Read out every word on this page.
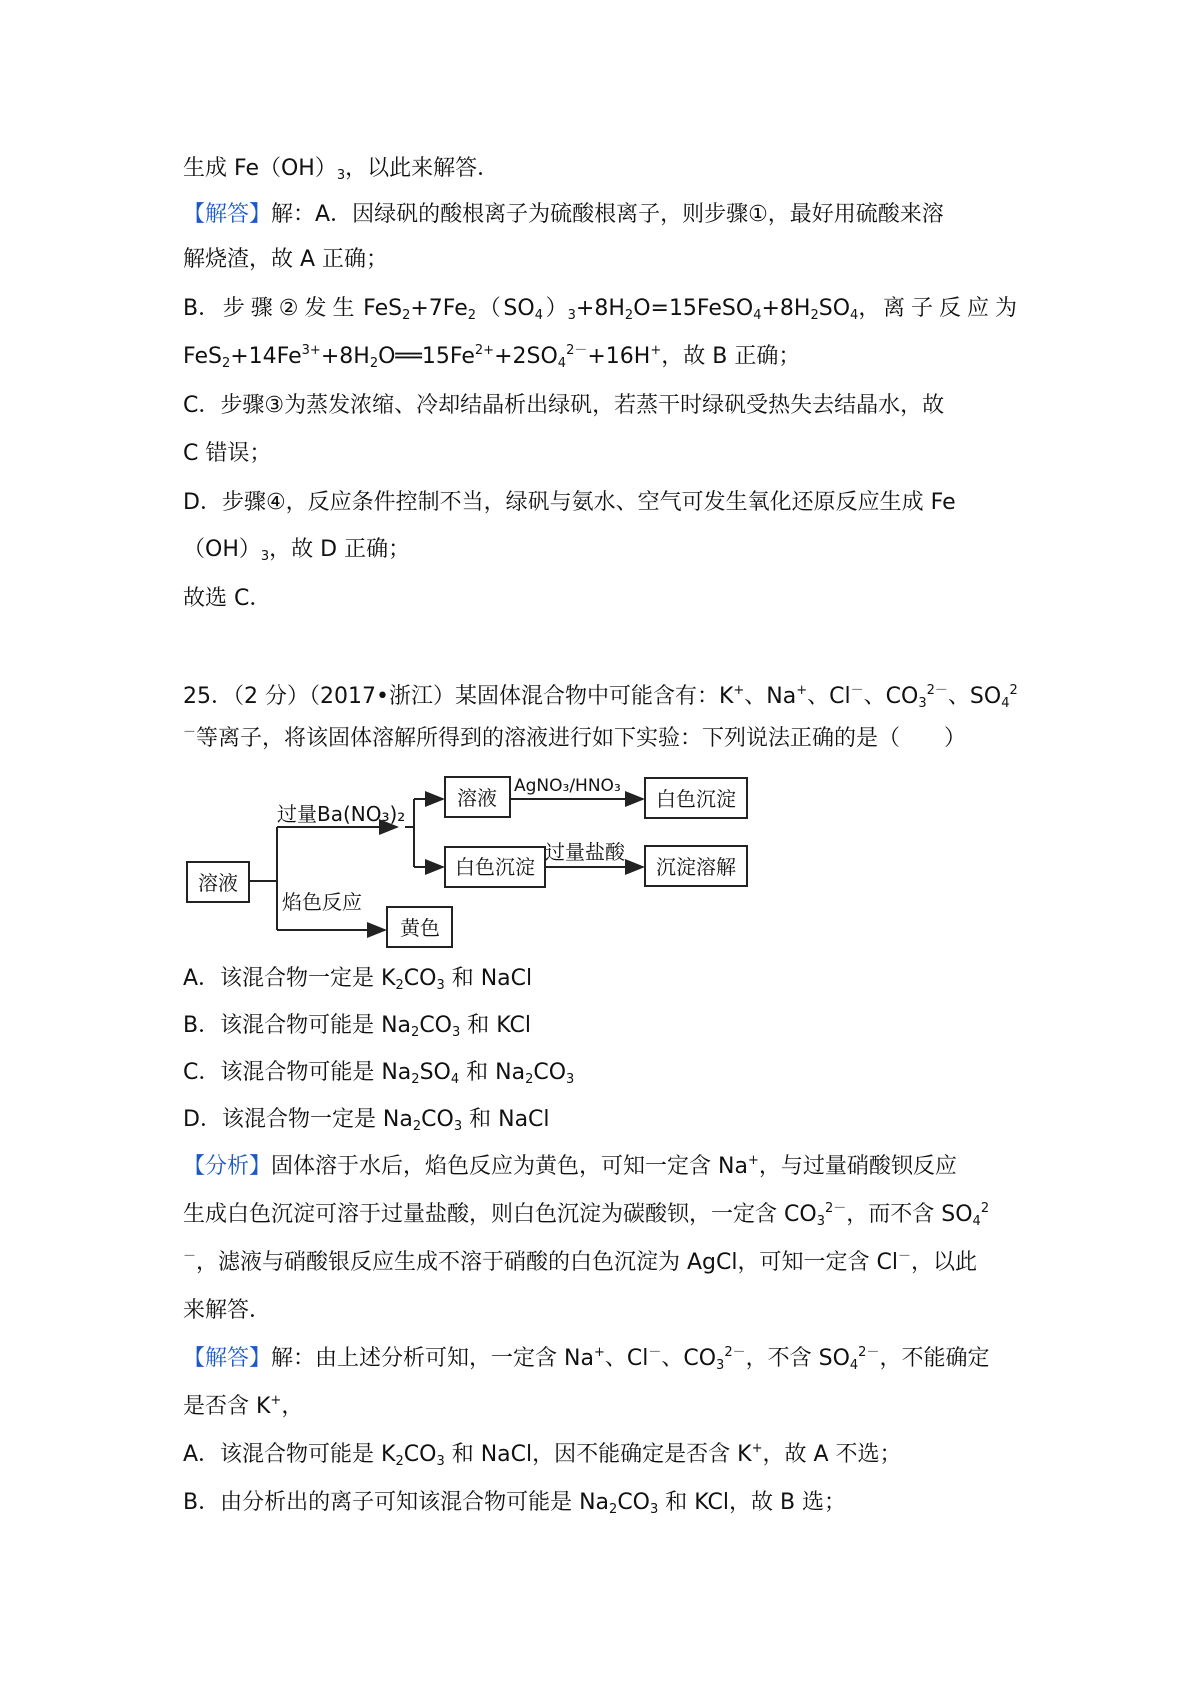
生成 $Fe(OH)_3$，以此来解答．
【解答】解：A．因绿矾的酸根离子为硫酸根离子，则步骤①，最好用硫酸来溶
解烧渣，故 A 正确；
B． 步骤②发生 $FeS_2+7Fe_2$ （ $SO_4$ ）$_3+8H_2O=15FeSO_4+8H_2SO_4$， 离子反应为
$FeS_2+14Fe^{3+}+8H_2O══15Fe^{2+}+2SO_4^{2-}+16H^+$，故 B 正确；
C．步骤③为蒸发浓缩、冷却结晶析出绿矾，若蒸干时绿矾受热失去结晶水，故
C 错误；
D．步骤④，反应条件控制不当，绿矾与氨水、空气可发生氧化还原反应生成 Fe
$(OH)_3$，故 D 正确；
故选 C．
25．（2 分）（2017•浙江）某固体混合物中可能含有：K+、Na+、Cl－、$CO_3^{2-}$、$SO_4^2$
－等离子，将该固体溶解所得到的溶液进行如下实验：下列说法正确的是（　　）
溶液
溶液	白色沉淀
白色沉淀	沉淀溶解
黄色
过量Ba(NO₃)₂
AgNO₃/HNO₃
过量盐酸
焰色反应
A．该混合物一定是 $K_2CO_3$ 和 NaCl
B．该混合物可能是 $Na_2CO_3$ 和 KCl
C．该混合物可能是 $Na_2SO_4$ 和 $Na_2CO_3$
D．该混合物一定是 $Na_2CO_3$ 和 NaCl
【分析】固体溶于水后，焰色反应为黄色，可知一定含 Na+，与过量硝酸钡反应
生成白色沉淀可溶于过量盐酸，则白色沉淀为碳酸钡，一定含 $CO_3^{2-}$，而不含 $SO_4^2$
－，滤液与硝酸银反应生成不溶于硝酸的白色沉淀为 AgCl，可知一定含 Cl－，以此
来解答．
【解答】解：由上述分析可知，一定含 Na+、Cl－、$CO_3^{2-}$，不含 $SO_4^{2-}$，不能确定
是否含 K+，
A．该混合物可能是 $K_2CO_3$ 和 NaCl，因不能确定是否含 K+，故 A 不选；
B．由分析出的离子可知该混合物可能是 $Na_2CO_3$ 和 KCl，故 B 选；
